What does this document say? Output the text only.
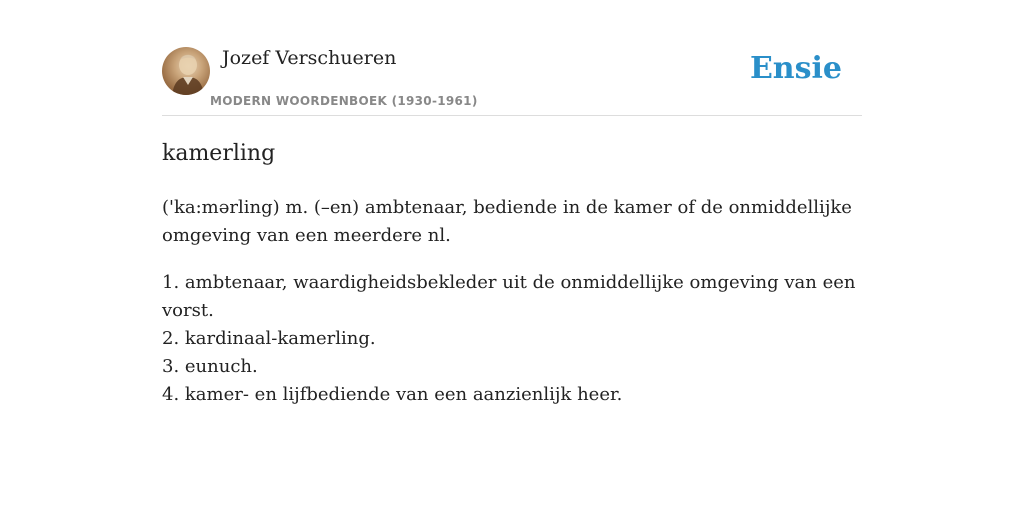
Jozef Verschueren
MODERN WOORDENBOEK (1930-1961)
Ensie
kamerling

('ka:mərling) m. (–en) ambtenaar, bediende in de kamer of de onmiddellijke omgeving van een meerdere nl.

1. ambtenaar, waardigheidsbekleder uit de onmiddellijke omgeving van een vorst.
2. kardinaal-kamerling.
3. eunuch.
4. kamer- en lijfbediende van een aanzienlijk heer.
